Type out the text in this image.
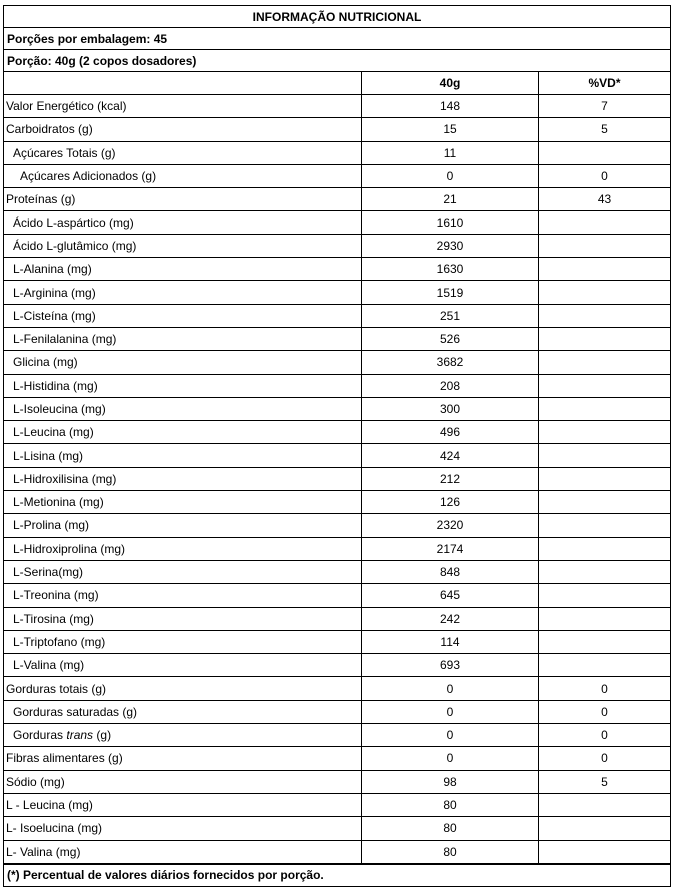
INFORMAÇÃO NUTRICIONAL
Porções por embalagem: 45
Porção: 40g (2 copos dosadores)
	40g	%VD*
Valor Energético (kcal)	148	7
Carboidratos (g)	15	5
Açúcares Totais (g)	11	
Açúcares Adicionados (g)	0	0
Proteínas (g)	21	43
Ácido L-aspártico (mg)	1610	
Ácido L-glutâmico (mg)	2930	
L-Alanina (mg)	1630	
L-Arginina (mg)	1519	
L-Cisteína (mg)	251	
L-Fenilalanina (mg)	526	
Glicina (mg)	3682	
L-Histidina (mg)	208	
L-Isoleucina (mg)	300	
L-Leucina (mg)	496	
L-Lisina (mg)	424	
L-Hidroxilisina (mg)	212	
L-Metionina (mg)	126	
L-Prolina (mg)	2320	
L-Hidroxiprolina (mg)	2174	
L-Serina(mg)	848	
L-Treonina (mg)	645	
L-Tirosina (mg)	242	
L-Triptofano (mg)	114	
L-Valina (mg)	693	
Gorduras totais (g)	0	0
Gorduras saturadas (g)	0	0
Gorduras trans (g)	0	0
Fibras alimentares (g)	0	0
Sódio (mg)	98	5
L - Leucina (mg)	80	
L- Isoelucina (mg)	80	
L- Valina (mg)	80	
(*) Percentual de valores diários fornecidos por porção.
